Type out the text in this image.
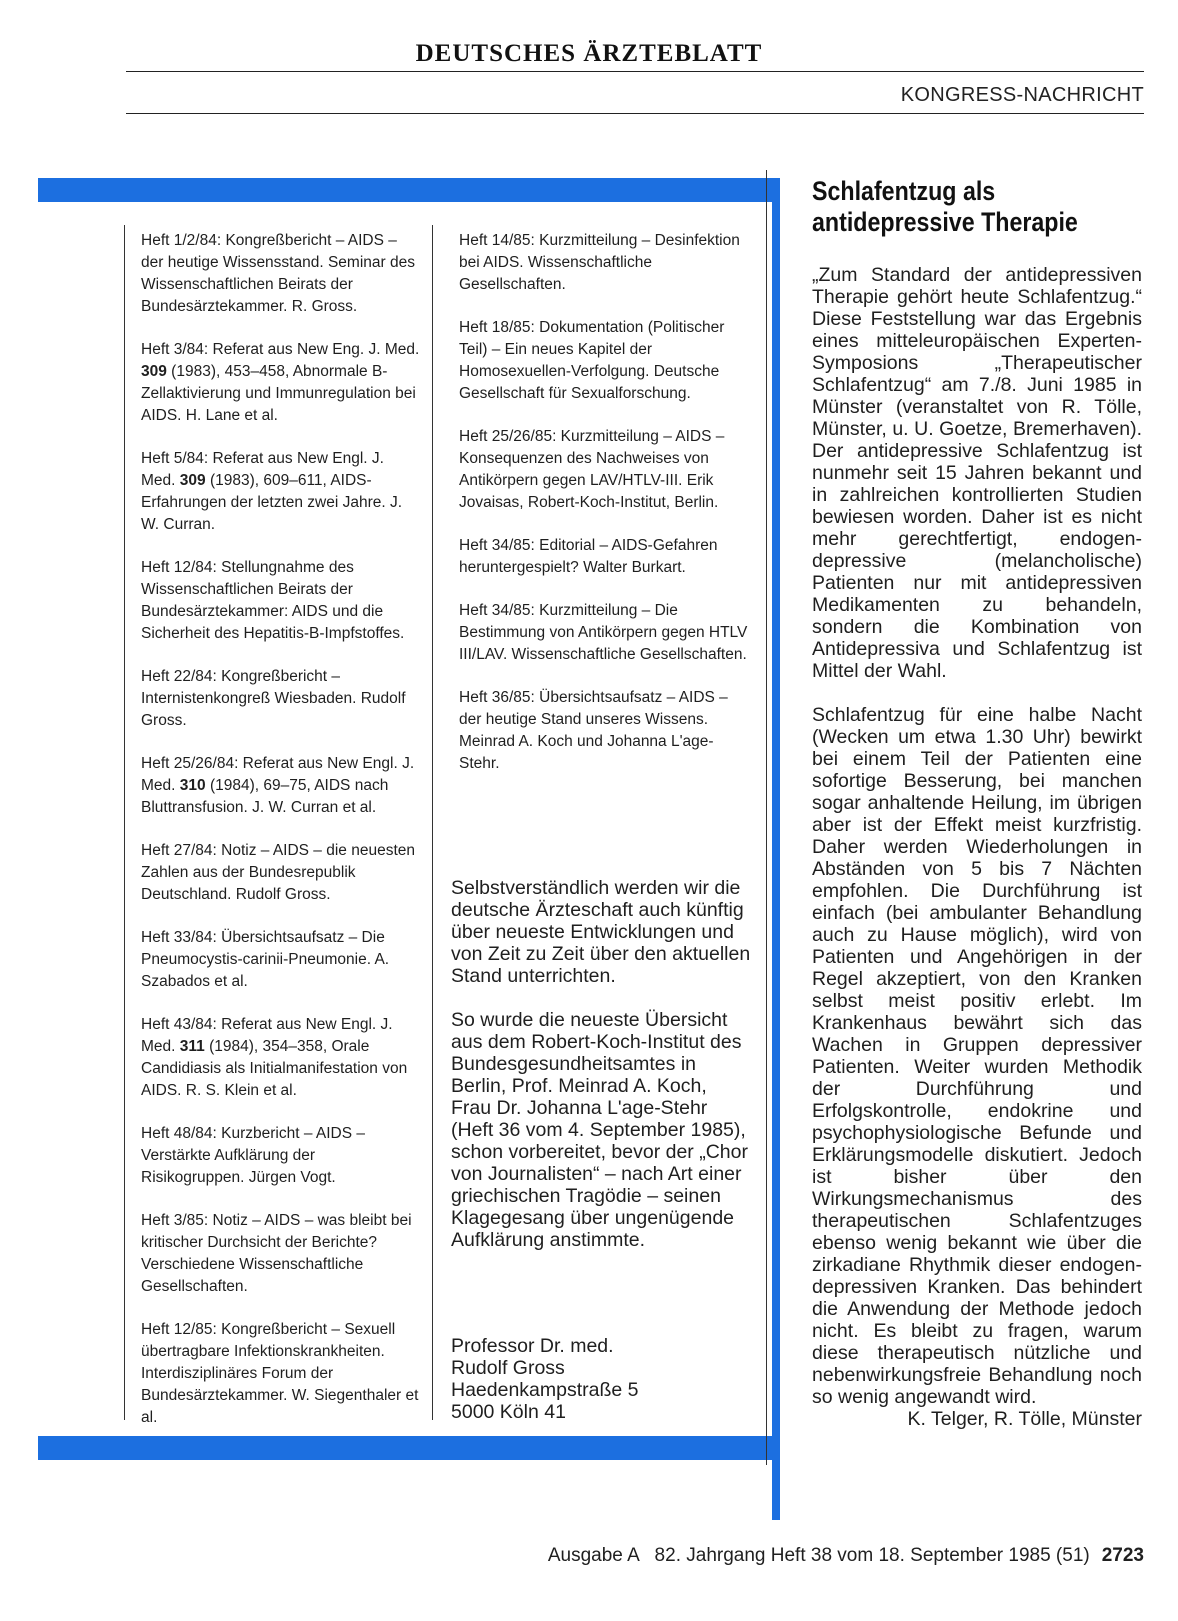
DEUTSCHES ÄRZTEBLATT
KONGRESS-NACHRICHT
Heft 1/2/84: Kongreßbericht – AIDS – der heutige Wissensstand. Seminar des Wissenschaftlichen Beirats der Bundesärztekammer. R. Gross.
Heft 3/84: Referat aus New Eng. J. Med. 309 (1983), 453–458, Abnormale B-Zellaktivierung und Immunregulation bei AIDS. H. Lane et al.
Heft 5/84: Referat aus New Engl. J. Med. 309 (1983), 609–611, AIDS-Erfahrungen der letzten zwei Jahre. J. W. Curran.
Heft 12/84: Stellungnahme des Wissenschaftlichen Beirats der Bundesärztekammer: AIDS und die Sicherheit des Hepatitis-B-Impfstoffes.
Heft 22/84: Kongreßbericht – Internistenkongreß Wiesbaden. Rudolf Gross.
Heft 25/26/84: Referat aus New Engl. J. Med. 310 (1984), 69–75, AIDS nach Bluttransfusion. J. W. Curran et al.
Heft 27/84: Notiz – AIDS – die neuesten Zahlen aus der Bundesrepublik Deutschland. Rudolf Gross.
Heft 33/84: Übersichtsaufsatz – Die Pneumocystis-carinii-Pneumonie. A. Szabados et al.
Heft 43/84: Referat aus New Engl. J. Med. 311 (1984), 354–358, Orale Candidiasis als Initialmanifestation von AIDS. R. S. Klein et al.
Heft 48/84: Kurzbericht – AIDS – Verstärkte Aufklärung der Risikogruppen. Jürgen Vogt.
Heft 3/85: Notiz – AIDS – was bleibt bei kritischer Durchsicht der Berichte? Verschiedene Wissenschaftliche Gesellschaften.
Heft 12/85: Kongreßbericht – Sexuell übertragbare Infektionskrankheiten. Interdisziplinäres Forum der Bundesärztekammer. W. Siegenthaler et al.
Heft 14/85: Kurzmitteilung – Desinfektion bei AIDS. Wissenschaftliche Gesellschaften.
Heft 18/85: Dokumentation (Politischer Teil) – Ein neues Kapitel der Homosexuellen-Verfolgung. Deutsche Gesellschaft für Sexualforschung.
Heft 25/26/85: Kurzmitteilung – AIDS – Konsequenzen des Nachweises von Antikörpern gegen LAV/HTLV-III. Erik Jovaisas, Robert-Koch-Institut, Berlin.
Heft 34/85: Editorial – AIDS-Gefahren heruntergespielt? Walter Burkart.
Heft 34/85: Kurzmitteilung – Die Bestimmung von Antikörpern gegen HTLV III/LAV. Wissenschaftliche Gesellschaften.
Heft 36/85: Übersichtsaufsatz – AIDS – der heutige Stand unseres Wissens. Meinrad A. Koch und Johanna L'age-Stehr.

Selbstverständlich werden wir die deutsche Ärzteschaft auch künftig über neueste Entwicklungen und von Zeit zu Zeit über den aktuellen Stand unterrichten.

So wurde die neueste Übersicht aus dem Robert-Koch-Institut des Bundesgesundheitsamtes in Berlin, Prof. Meinrad A. Koch, Frau Dr. Johanna L'age-Stehr (Heft 36 vom 4. September 1985), schon vorbereitet, bevor der „Chor von Journalisten“ – nach Art einer griechischen Tragödie – seinen Klagegesang über ungenügende Aufklärung anstimmte.

Professor Dr. med.
Rudolf Gross
Haedenkampstraße 5
5000 Köln 41
Schlafentzug als antidepressive Therapie

„Zum Standard der antidepressiven Therapie gehört heute Schlafentzug.“ Diese Feststellung war das Ergebnis eines mitteleuropäischen Experten-Symposions „Therapeutischer Schlafentzug“ am 7./8. Juni 1985 in Münster (veranstaltet von R. Tölle, Münster, u. U. Goetze, Bremerhaven). Der antidepressive Schlafentzug ist nunmehr seit 15 Jahren bekannt und in zahlreichen kontrollierten Studien bewiesen worden. Daher ist es nicht mehr gerechtfertigt, endogen-depressive (melancholische) Patienten nur mit antidepressiven Medikamenten zu behandeln, sondern die Kombination von Antidepressiva und Schlafentzug ist Mittel der Wahl.

Schlafentzug für eine halbe Nacht (Wecken um etwa 1.30 Uhr) bewirkt bei einem Teil der Patienten eine sofortige Besserung, bei manchen sogar anhaltende Heilung, im übrigen aber ist der Effekt meist kurzfristig. Daher werden Wiederholungen in Abständen von 5 bis 7 Nächten empfohlen. Die Durchführung ist einfach (bei ambulanter Behandlung auch zu Hause möglich), wird von Patienten und Angehörigen in der Regel akzeptiert, von den Kranken selbst meist positiv erlebt. Im Krankenhaus bewährt sich das Wachen in Gruppen depressiver Patienten. Weiter wurden Methodik der Durchführung und Erfolgskontrolle, endokrine und psychophysiologische Befunde und Erklärungsmodelle diskutiert. Jedoch ist bisher über den Wirkungsmechanismus des therapeutischen Schlafentzuges ebenso wenig bekannt wie über die zirkadiane Rhythmik dieser endogen-depressiven Kranken. Das behindert die Anwendung der Methode jedoch nicht. Es bleibt zu fragen, warum diese therapeutisch nützliche und nebenwirkungsfreie Behandlung noch so wenig angewandt wird.

K. Telger, R. Tölle, Münster

Ausgabe A   82. Jahrgang Heft 38 vom 18. September 1985 (51) 2723
